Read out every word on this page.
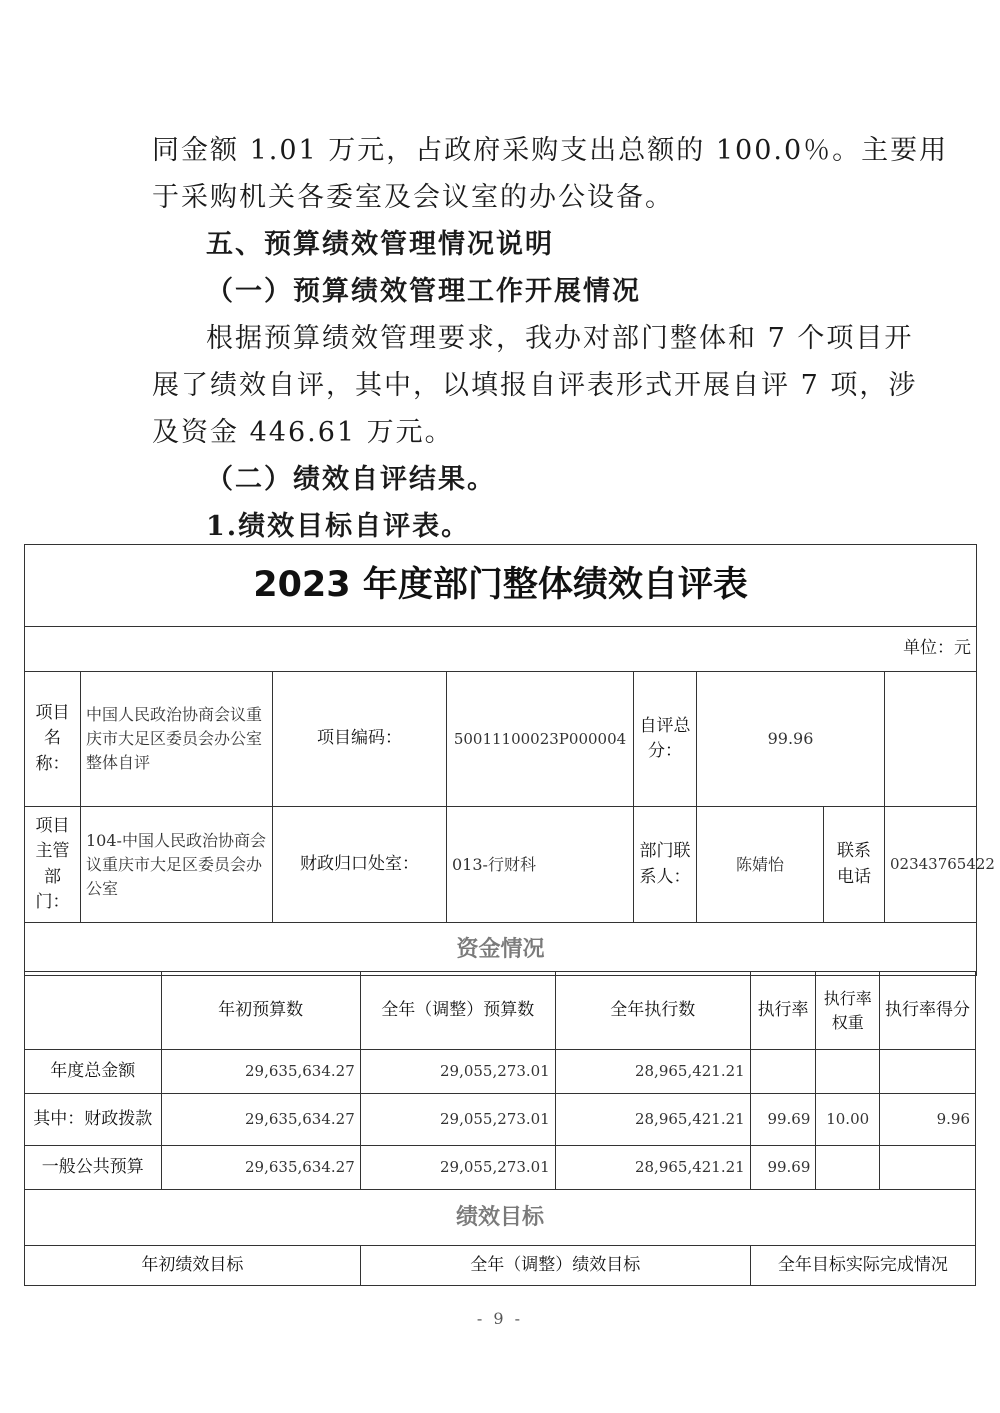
同金额 1.01 万元，占政府采购支出总额的 100.0％。主要用
于采购机关各委室及会议室的办公设备。
五、预算绩效管理情况说明
（一）预算绩效管理工作开展情况
根据预算绩效管理要求，我办对部门整体和 7 个项目开
展了绩效自评，其中，以填报自评表形式开展自评 7 项，涉
及资金 446.61 万元。
（二）绩效自评结果。
1.绩效目标自评表。
2023 年度部门整体绩效自评表							
单位：元							
项目名称：	中国人民政治协商会议重庆市大足区委员会办公室整体自评	项目编码：	50011100023P000004	自评总分：	99.96		
项目主管部门：	104-中国人民政治协商会议重庆市大足区委员会办公室	财政归口处室：	013-行财科	部门联系人：	陈婧怡	联系电话	02343765422
资金情况							
	年初预算数	全年（调整）预算数	全年执行数	执行率	执行率权重	执行率得分
年度总金额	29,635,634.27	29,055,273.01	28,965,421.21			
其中：财政拨款	29,635,634.27	29,055,273.01	28,965,421.21	99.69	10.00	9.96
一般公共预算	29,635,634.27	29,055,273.01	28,965,421.21	99.69		
绩效目标						
年初绩效目标		全年（调整）绩效目标		全年目标实际完成情况		
- 9 -
